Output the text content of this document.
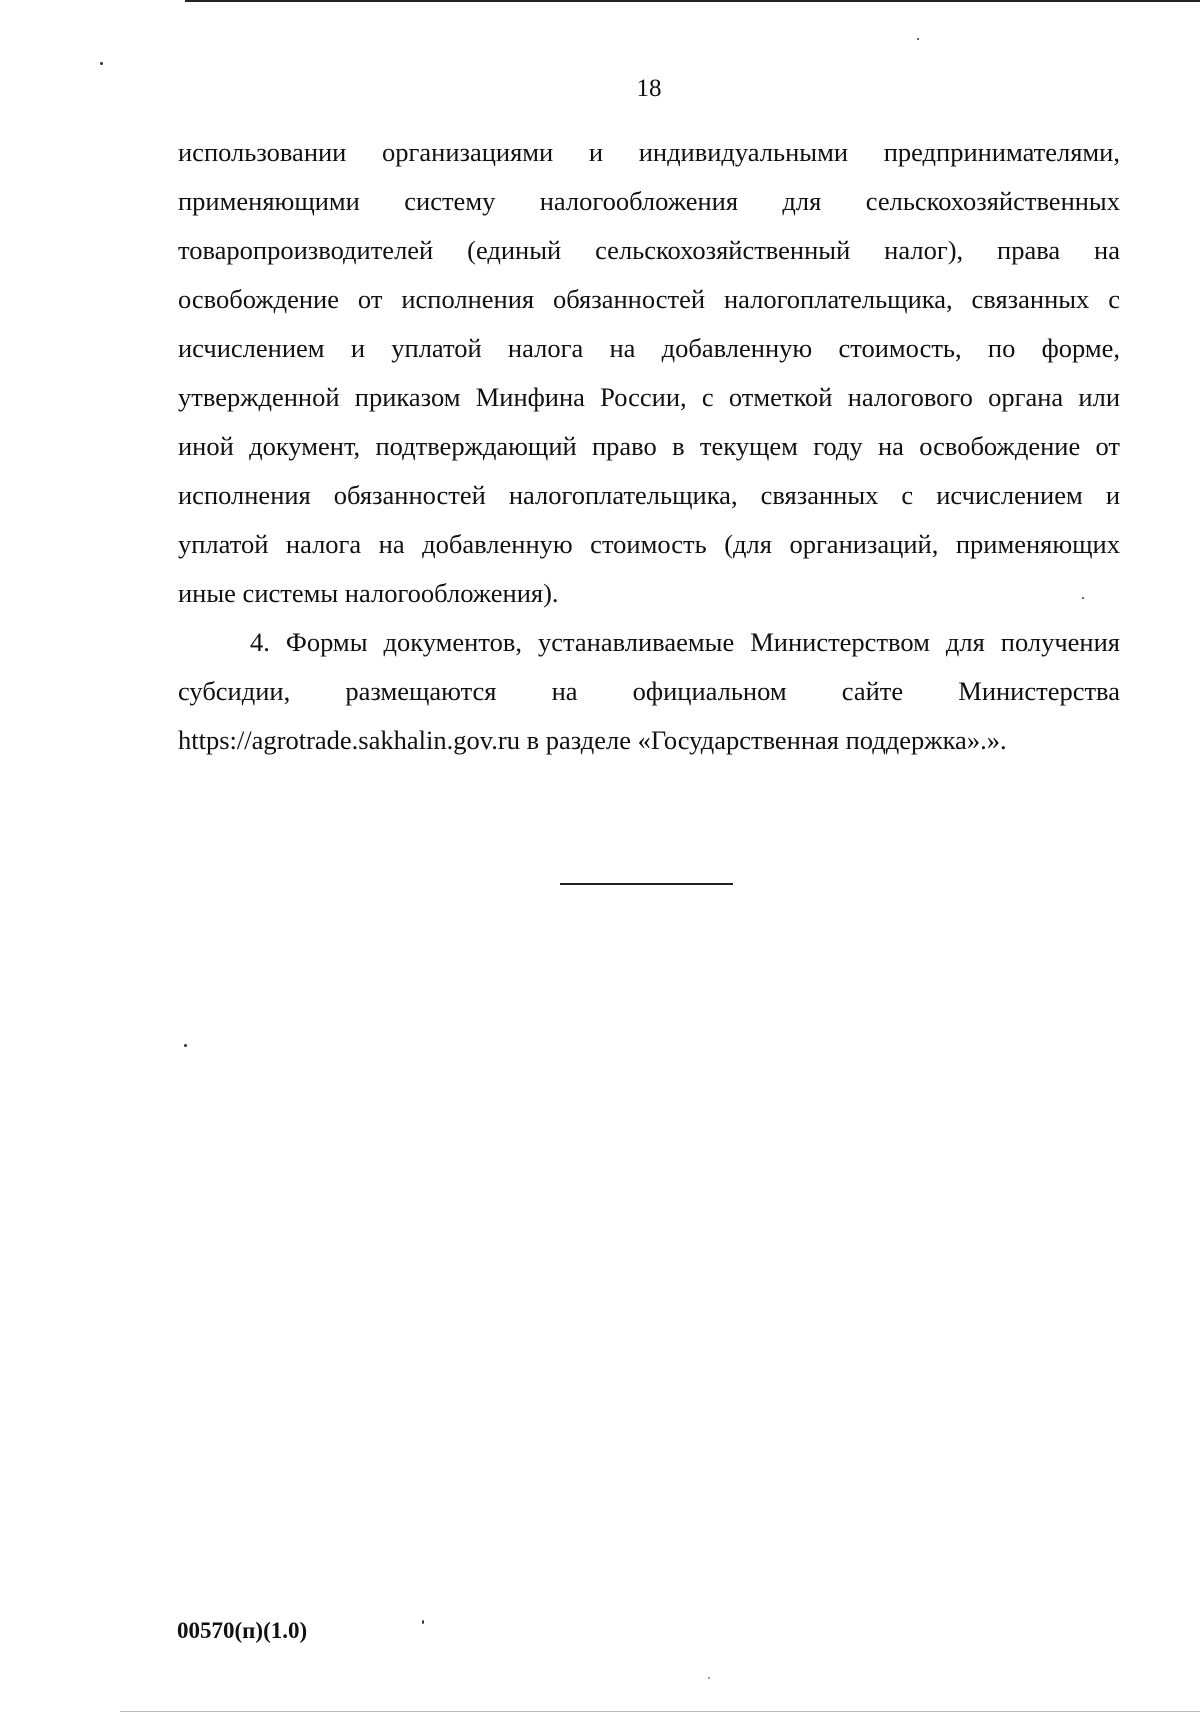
18
использовании организациями и индивидуальными предпринимателями,
применяющими систему налогообложения для сельскохозяйственных
товаропроизводителей (единый сельскохозяйственный налог), права на
освобождение от исполнения обязанностей налогоплательщика, связанных с
исчислением и уплатой налога на добавленную стоимость, по форме,
утвержденной приказом Минфина России, с отметкой налогового органа или
иной документ, подтверждающий право в текущем году на освобождение от
исполнения обязанностей налогоплательщика, связанных с исчислением и
уплатой налога на добавленную стоимость (для организаций, применяющих
иные системы налогообложения).
4. Формы документов, устанавливаемые Министерством для получения
субсидии, размещаются на официальном сайте Министерства
https://agrotrade.sakhalin.gov.ru в разделе «Государственная поддержка».».
00570(п)(1.0)
